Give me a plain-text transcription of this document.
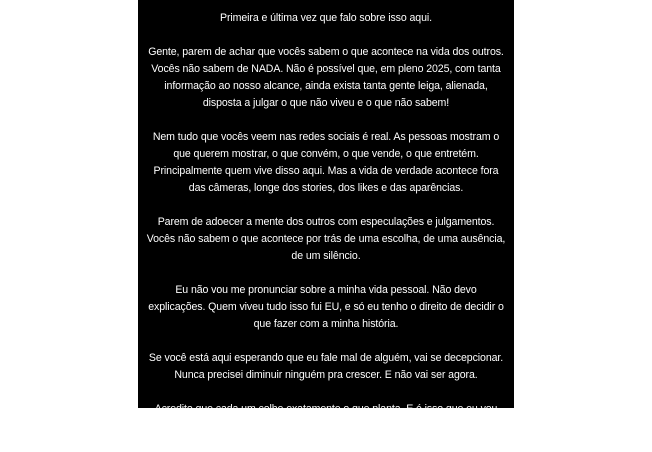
Primeira e última vez que falo sobre isso aqui.

Gente, parem de achar que vocês sabem o que acontece na vida dos outros. Vocês não sabem de NADA. Não é possível que, em pleno 2025, com tanta informação ao nosso alcance, ainda exista tanta gente leiga, alienada, disposta a julgar o que não viveu e o que não sabem!

Nem tudo que vocês veem nas redes sociais é real. As pessoas mostram o que querem mostrar, o que convém, o que vende, o que entretém. Principalmente quem vive disso aqui. Mas a vida de verdade acontece fora das câmeras, longe dos stories, dos likes e das aparências.

Parem de adoecer a mente dos outros com especulações e julgamentos. Vocês não sabem o que acontece por trás de uma escolha, de uma ausência, de um silêncio.

Eu não vou me pronunciar sobre a minha vida pessoal. Não devo explicações. Quem viveu tudo isso fui EU, e só eu tenho o direito de decidir o que fazer com a minha história.

Se você está aqui esperando que eu fale mal de alguém, vai se decepcionar. Nunca precisei diminuir ninguém pra crescer. E não vai ser agora.

Acredito que cada um colhe exatamente o que planta. E é isso que eu vou continuar fazendo: cuidando da minha vida, das minhas escolhas e da minha PAZ.
